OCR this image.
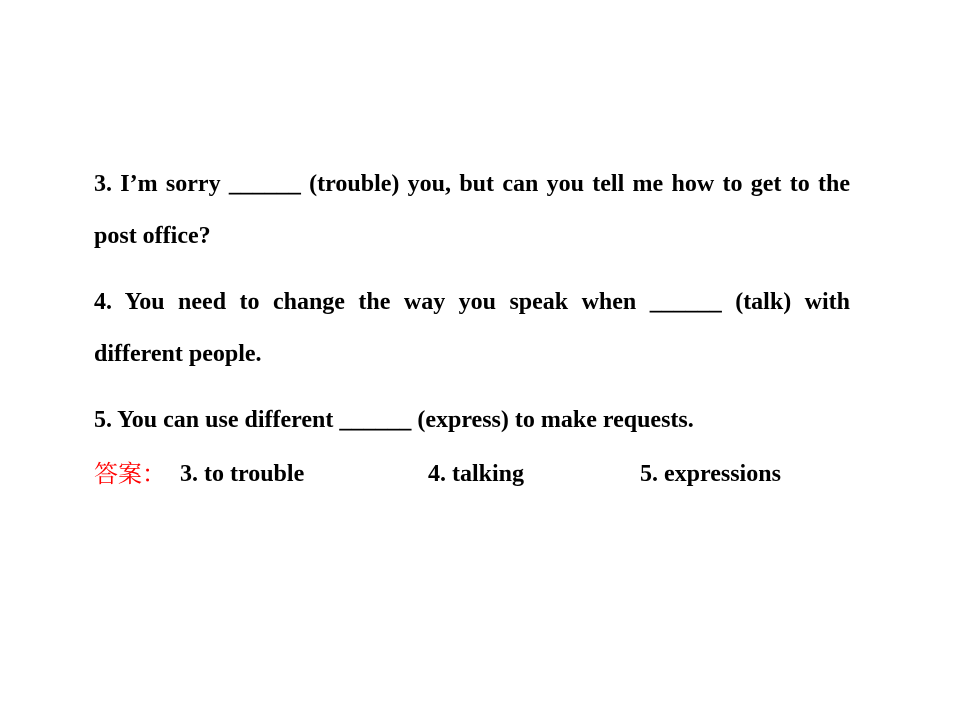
3. I’m sorry ______ (trouble) you, but can you tell me how to get to the post office?

4. You need to change the way you speak when ______ (talk) with different people.

5. You can use different ______ (express) to make requests.

答案： 3. to trouble	4. talking	5. expressions
